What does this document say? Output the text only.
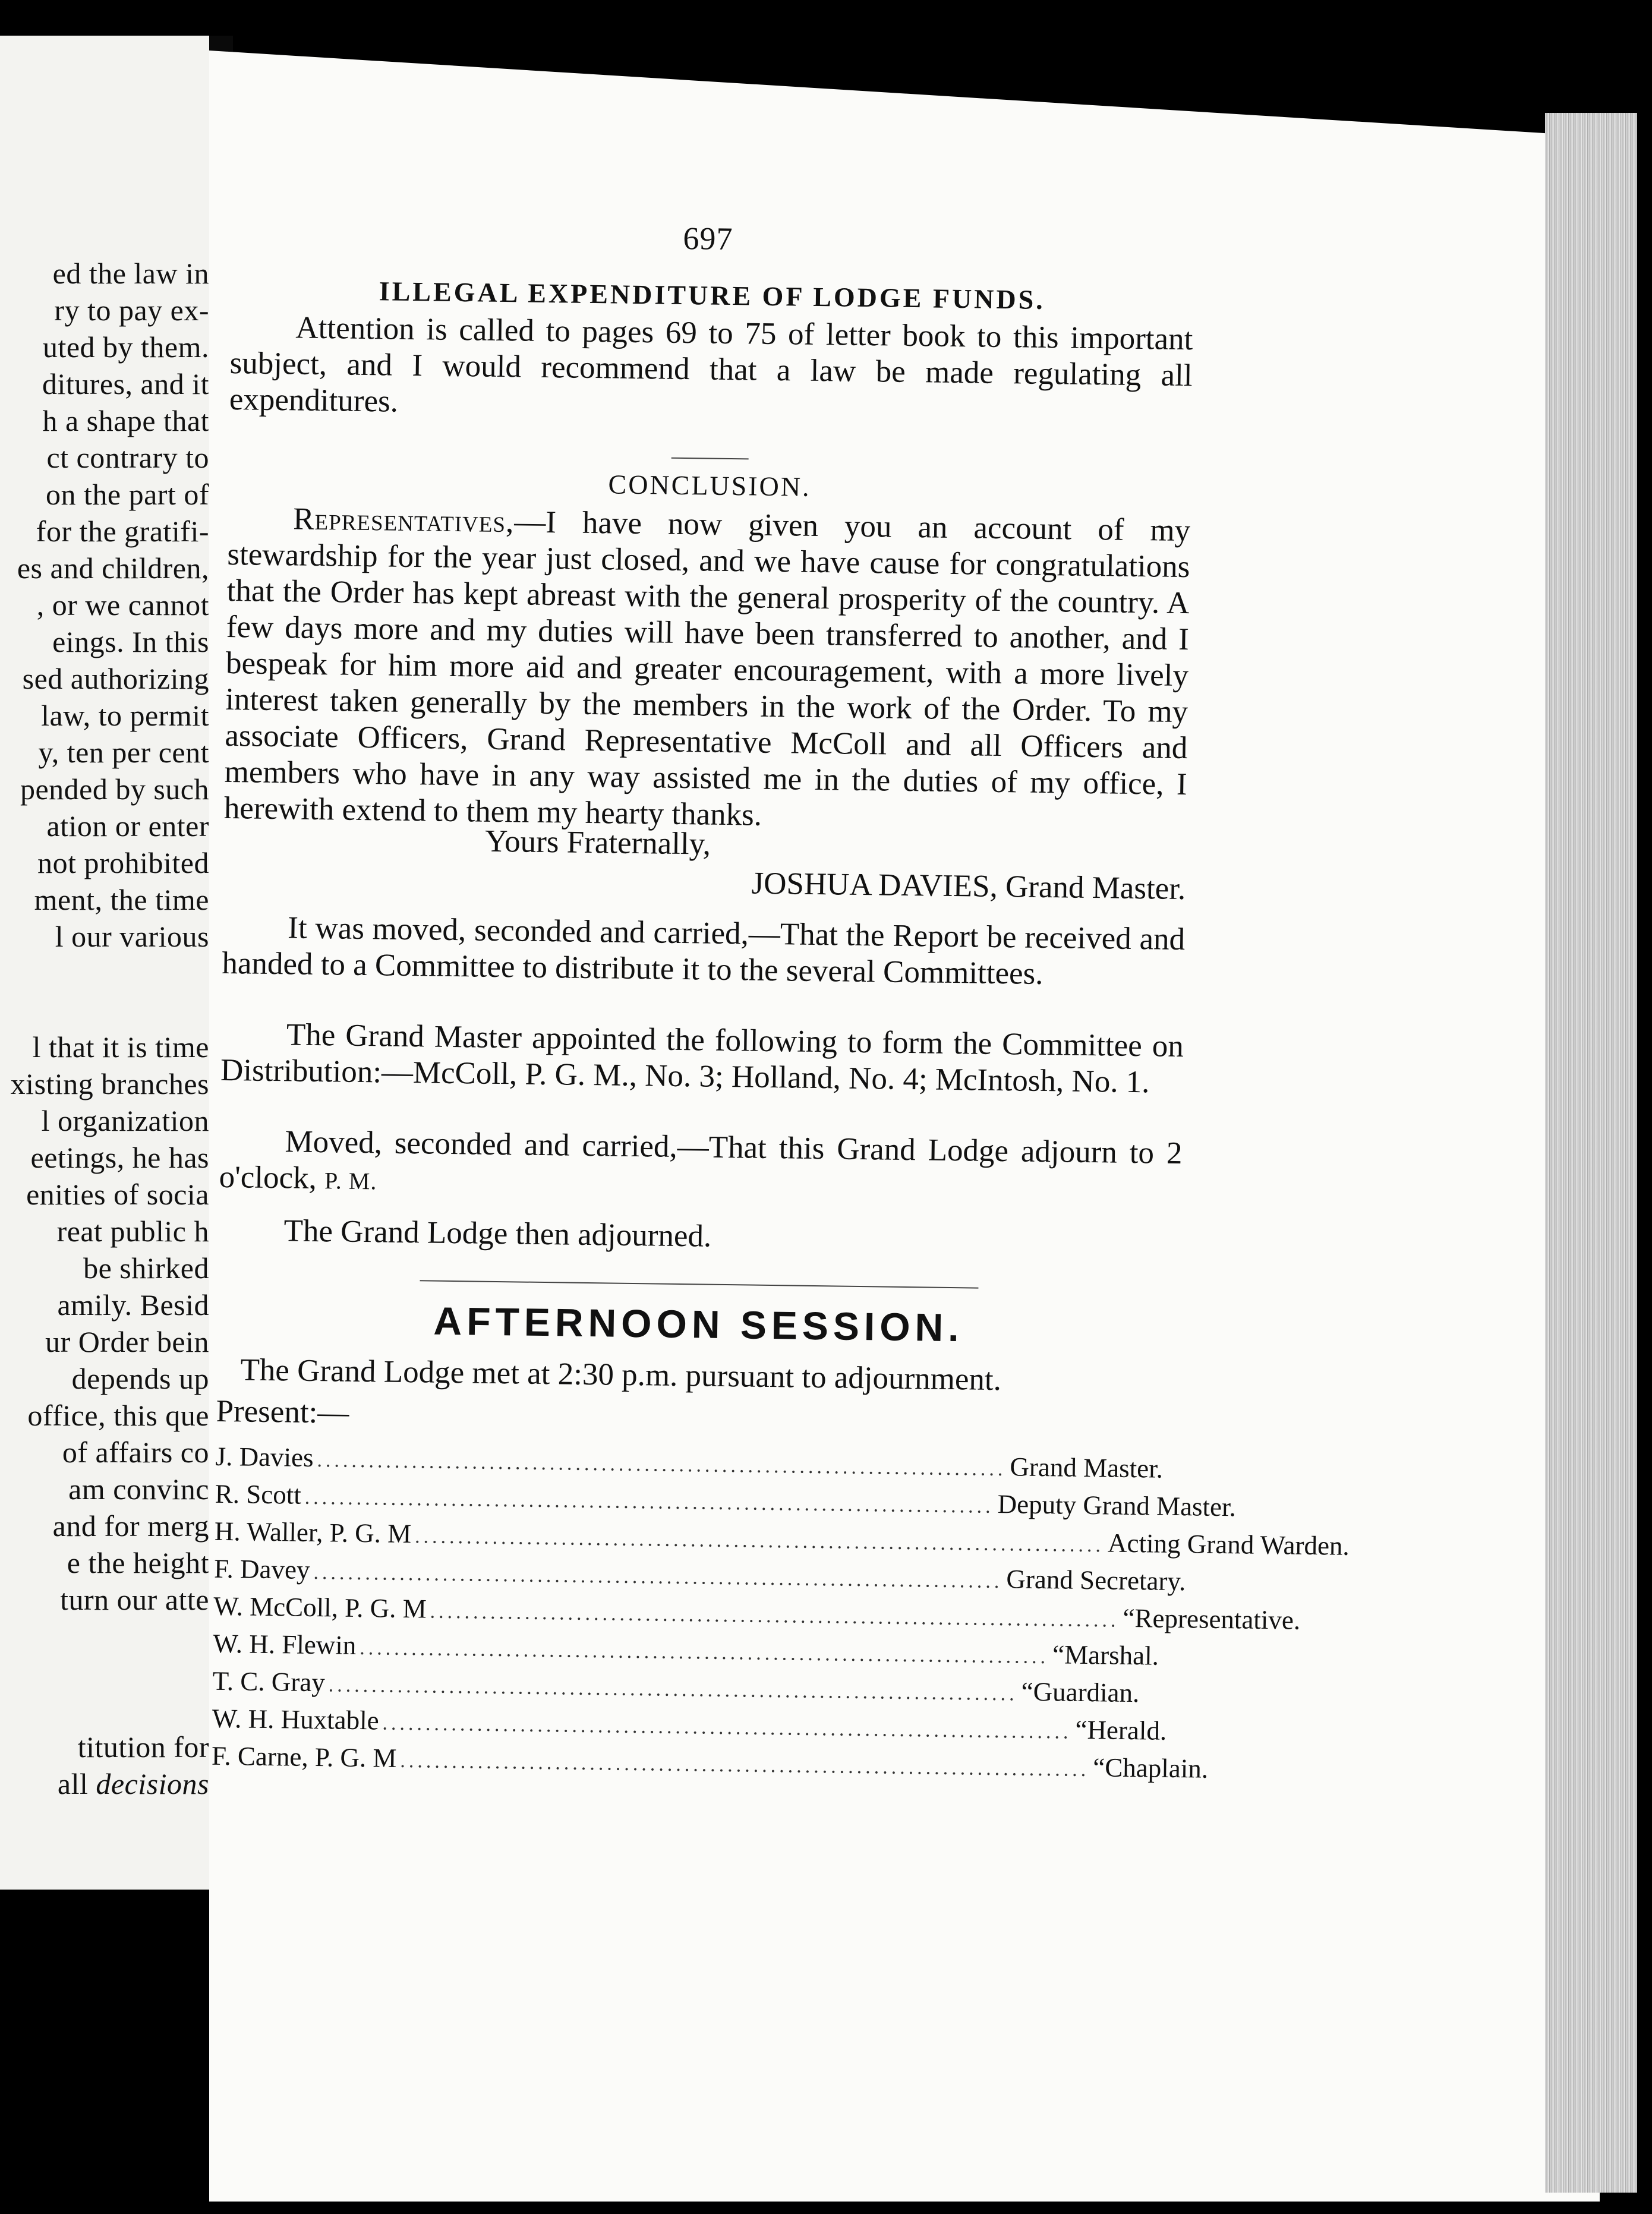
ed the law in
ry to pay ex-
uted by them.
ditures, and it
h a shape that
ct contrary to
on the part of
for the gratifi-
es and children,
, or we cannot
eings. In this
sed authorizing
law, to permit
y, ten per cent
pended by such
ation or enter
not prohibited
ment, the time
l our various
l that it is time
xisting branches
l organization
eetings, he has
enities of socia
reat public h
be shirked
amily. Besid
ur Order bein
depends up
office, this que
of affairs co
am convinc
and for merg
e the height
turn our atte
titution for
all decisions
697
ILLEGAL EXPENDITURE OF LODGE FUNDS.
Attention is called to pages 69 to 75 of letter book to this important subject, and I would recommend that a law be made regulating all expenditures.
CONCLUSION.
Representatives,—I have now given you an account of my stewardship for the year just closed, and we have cause for congratulations that the Order has kept abreast with the general prosperity of the country. A few days more and my duties will have been transferred to another, and I bespeak for him more aid and greater encouragement, with a more lively interest taken generally by the members in the work of the Order. To my associate Officers, Grand Representative McColl and all Officers and members who have in any way assisted me in the duties of my office, I herewith extend to them my hearty thanks.
Yours Fraternally,
JOSHUA DAVIES, Grand Master.
It was moved, seconded and carried,—That the Report be received and handed to a Committee to distribute it to the several Committees.
The Grand Master appointed the following to form the Committee on Distribution:—McColl, P. G. M., No. 3; Holland, No. 4; McIntosh, No. 1.
Moved, seconded and carried,—That this Grand Lodge adjourn to 2 o'clock, P. M.
The Grand Lodge then adjourned.
AFTERNOON SESSION.
The Grand Lodge met at 2:30 p.m. pursuant to adjournment.
Present:—
J. Davies ................................................................................ Grand Master.
R. Scott ................................................................................ Deputy Grand Master.
H. Waller, P. G. M ................................................................................ Acting Grand Warden.
F. Davey ................................................................................ Grand Secretary.
W. McColl, P. G. M ................................................................................ “ Representative.
W. H. Flewin ................................................................................ “ Marshal.
T. C. Gray ................................................................................ “ Guardian.
W. H. Huxtable ................................................................................ “ Herald.
F. Carne, P. G. M ................................................................................ “ Chaplain.
